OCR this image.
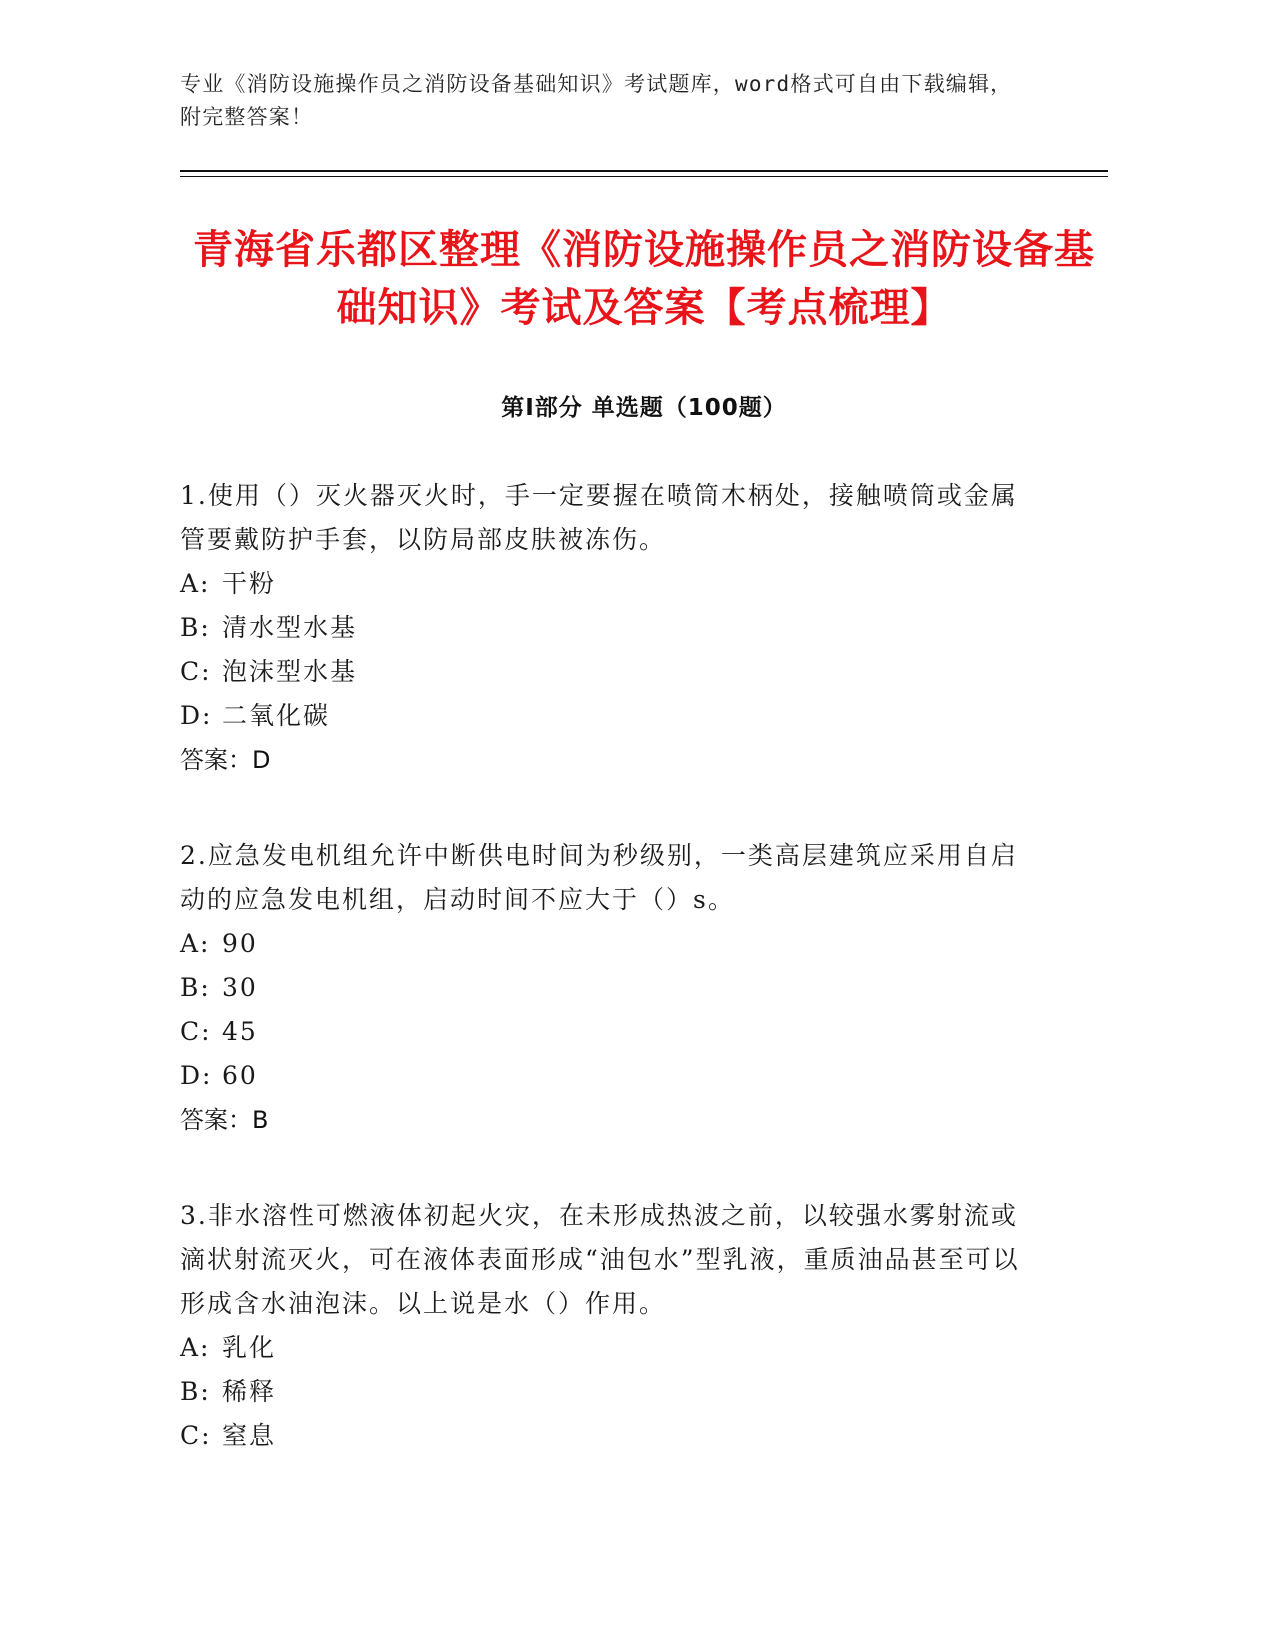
专业《消防设施操作员之消防设备基础知识》考试题库，word格式可自由下载编辑，附完整答案！
青海省乐都区整理《消防设施操作员之消防设备基础知识》考试及答案【考点梳理】
第I部分 单选题（100题）
1.使用（）灭火器灭火时，手一定要握在喷筒木柄处，接触喷筒或金属管要戴防护手套，以防局部皮肤被冻伤。
A: 干粉
B: 清水型水基
C: 泡沫型水基
D: 二氧化碳
答案：D
2.应急发电机组允许中断供电时间为秒级别，一类高层建筑应采用自启动的应急发电机组，启动时间不应大于（）s。
A: 90
B: 30
C: 45
D: 60
答案：B
3.非水溶性可燃液体初起火灾，在未形成热波之前，以较强水雾射流或滴状射流灭火，可在液体表面形成“油包水”型乳液，重质油品甚至可以形成含水油泡沫。以上说是水（）作用。
A: 乳化
B: 稀释
C: 窒息
